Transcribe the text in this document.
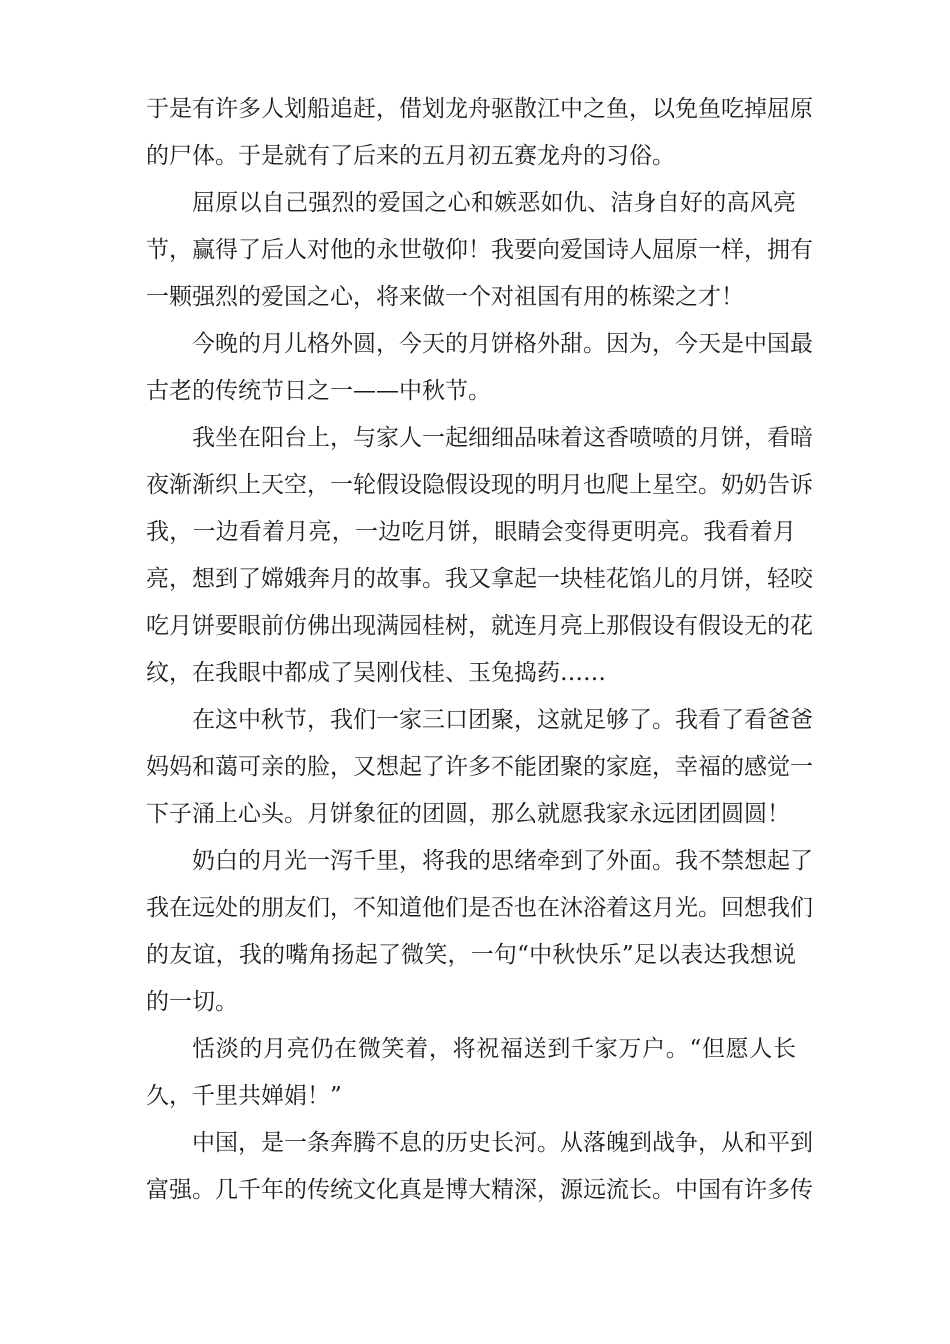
于是有许多人划船追赶，借划龙舟驱散江中之鱼，以免鱼吃掉屈原
的尸体。于是就有了后来的五月初五赛龙舟的习俗。
屈原以自己强烈的爱国之心和嫉恶如仇、洁身自好的高风亮
节，赢得了后人对他的永世敬仰！我要向爱国诗人屈原一样，拥有
一颗强烈的爱国之心，将来做一个对祖国有用的栋梁之才！
今晚的月儿格外圆，今天的月饼格外甜。因为，今天是中国最
古老的传统节日之一——中秋节。
我坐在阳台上，与家人一起细细品味着这香喷喷的月饼，看暗
夜渐渐织上天空，一轮假设隐假设现的明月也爬上星空。奶奶告诉
我，一边看着月亮，一边吃月饼，眼睛会变得更明亮。我看着月
亮，想到了嫦娥奔月的故事。我又拿起一块桂花馅儿的月饼，轻咬
吃月饼要眼前仿佛出现满园桂树，就连月亮上那假设有假设无的花
纹，在我眼中都成了吴刚伐桂、玉兔捣药……
在这中秋节，我们一家三口团聚，这就足够了。我看了看爸爸
妈妈和蔼可亲的脸，又想起了许多不能团聚的家庭，幸福的感觉一
下子涌上心头。月饼象征的团圆，那么就愿我家永远团团圆圆！
奶白的月光一泻千里，将我的思绪牵到了外面。我不禁想起了
我在远处的朋友们，不知道他们是否也在沐浴着这月光。回想我们
的友谊，我的嘴角扬起了微笑，一句“中秋快乐”足以表达我想说
的一切。
恬淡的月亮仍在微笑着，将祝福送到千家万户。“但愿人长
久，千里共婵娟！”
中国，是一条奔腾不息的历史长河。从落魄到战争，从和平到
富强。几千年的传统文化真是博大精深，源远流长。中国有许多传
